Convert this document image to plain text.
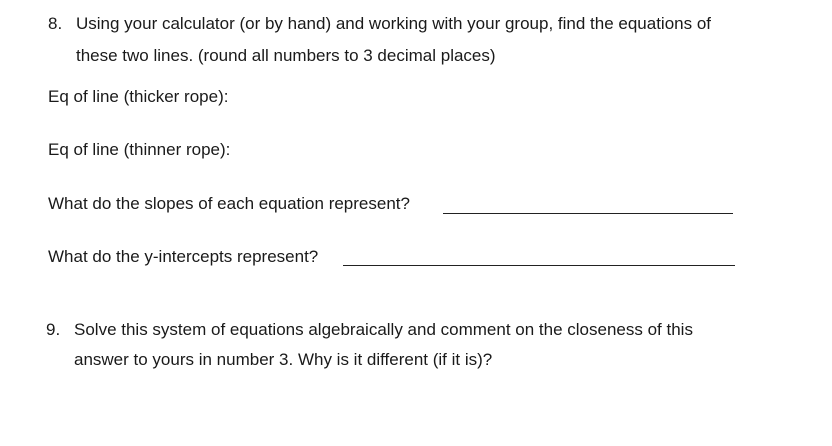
8. Using your calculator (or by hand) and working with your group, find the equations of
these two lines. (round all numbers to 3 decimal places)
Eq of line (thicker rope):
Eq of line (thinner rope):
What do the slopes of each equation represent?
What do the y-intercepts represent?
9. Solve this system of equations algebraically and comment on the closeness of this
answer to yours in number 3. Why is it different (if it is)?
